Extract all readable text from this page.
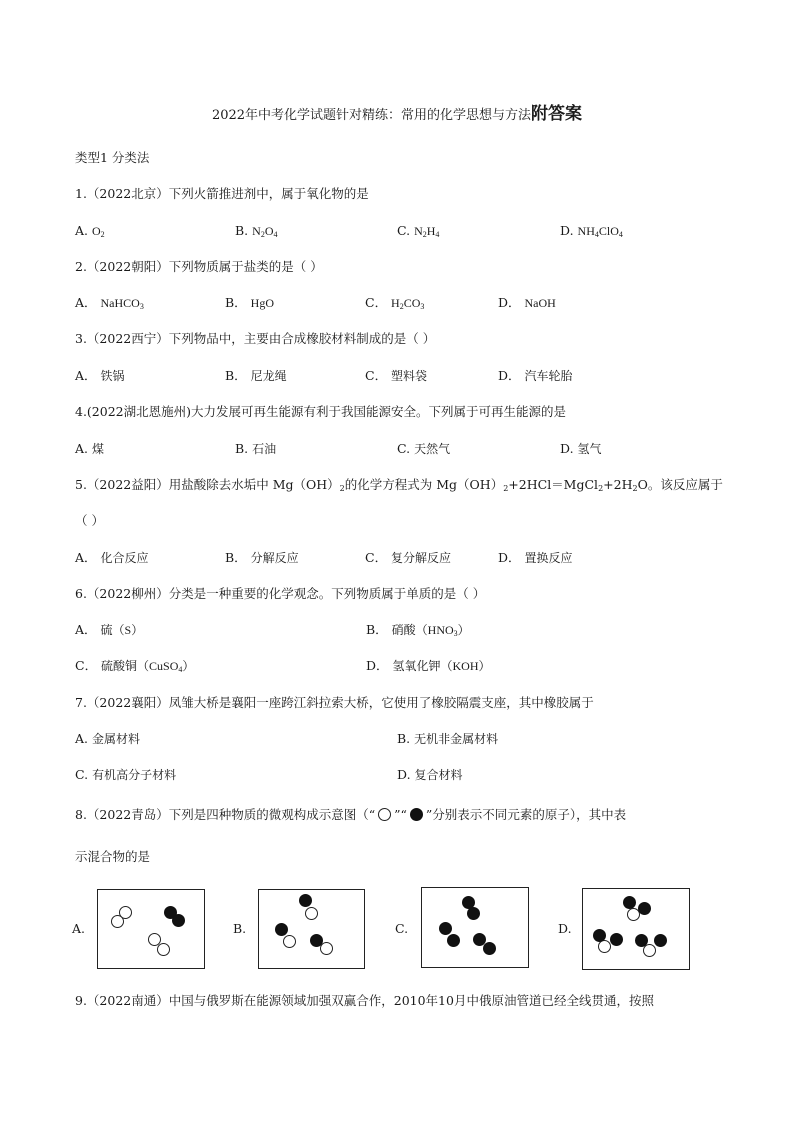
2022年中考化学试题针对精练：常用的化学思想与方法附答案
类型1 分类法
1.（2022北京）下列火箭推进剂中，属于氧化物的是
A. $O_2$	B. $N_2O_4$	C. $N_2H_4$	D. $NH_4ClO_4$
2.（2022朝阳）下列物质属于盐类的是（ ）
A． NaHCO$_3$	B． HgO	C． $H_2CO_3$	D． NaOH
3.（2022西宁）下列物品中，主要由合成橡胶材料制成的是（ ）
A． 铁锅	B． 尼龙绳	C． 塑料袋	D． 汽车轮胎
4.(2022湖北恩施州)大力发展可再生能源有利于我国能源安全。下列属于可再生能源的是
A. 煤	B. 石油	C. 天然气	D. 氢气
5.（2022益阳）用盐酸除去水垢中 $Mg(OH)_2$的化学方程式为 $Mg(OH)_2+2HCl=MgCl_2+2H_2O$。该反应属于
（ ）
A． 化合反应	B． 分解反应	C． 复分解反应	D． 置换反应
6.（2022柳州）分类是一种重要的化学观念。下列物质属于单质的是（ ）
A． 硫（S）	B． 硝酸$(HNO_3)$
C． 硫酸铜（CuSO$_4$）	D． 氢氧化钾（KOH）
7.（2022襄阳）凤雏大桥是襄阳一座跨江斜拉索大桥，它使用了橡胶隔震支座，其中橡胶属于
A. 金属材料	B. 无机非金属材料
C. 有机高分子材料	D. 复合材料
8.（2022青岛）下列是四种物质的微观构成示意图（“ ”“ ”分别表示不同元素的原子），其中表
示混合物的是
A.	B.	C.	D.
9.（2022南通）中国与俄罗斯在能源领域加强双赢合作，2010年10月中俄原油管道已经全线贯通，按照
